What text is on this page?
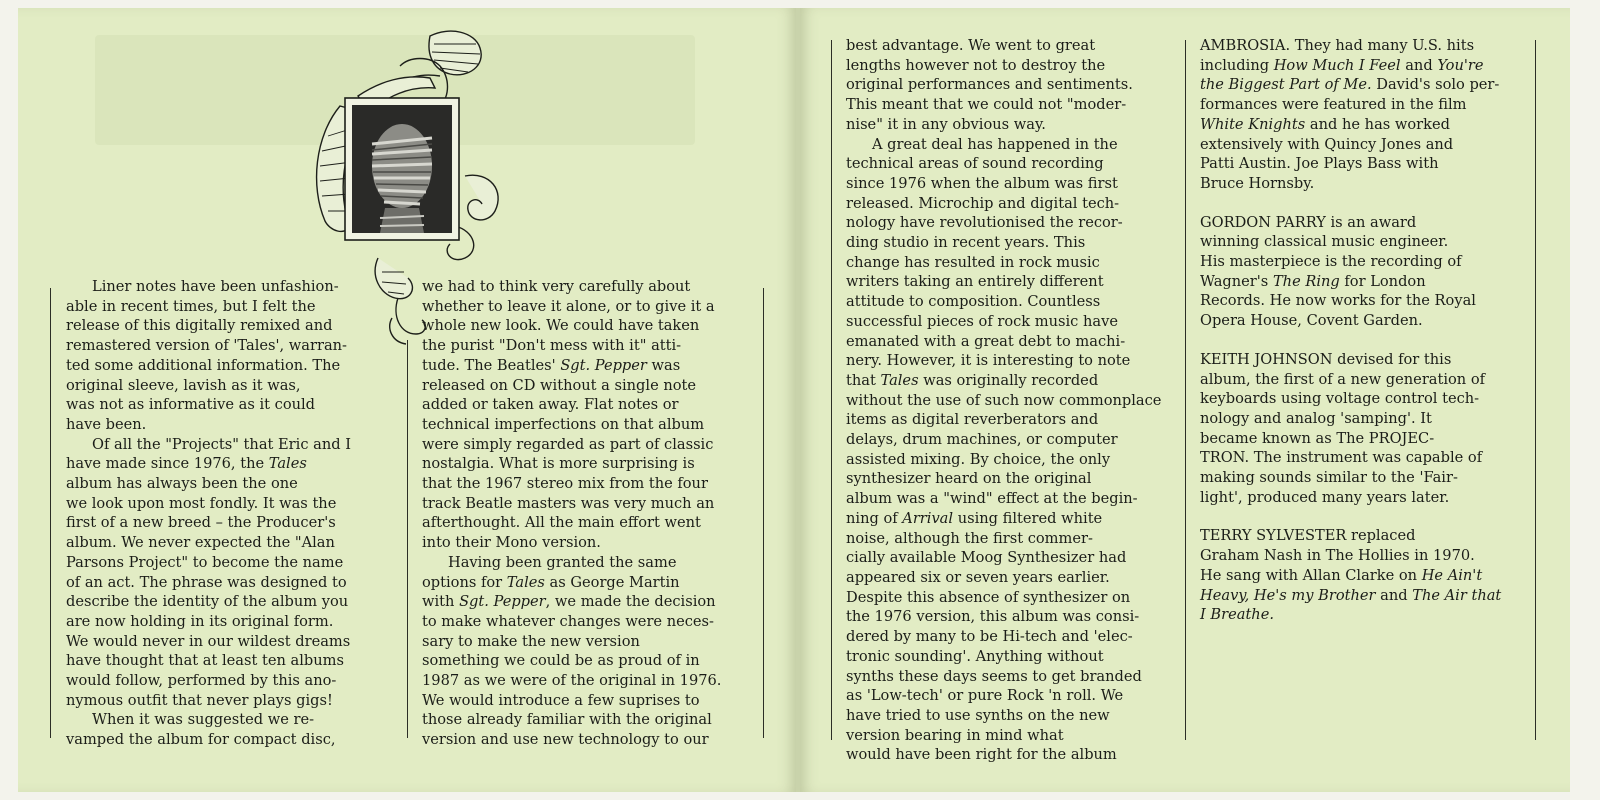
Liner notes have been unfashion-

able in recent times, but I felt the

release of this digitally remixed and

remastered version of 'Tales', warran-

ted some additional information. The

original sleeve, lavish as it was,

was not as informative as it could

have been.

Of all the "Projects" that Eric and I

have made since 1976, the Tales

album has always been the one

we look upon most fondly. It was the

first of a new breed – the Producer's

album. We never expected the "Alan

Parsons Project" to become the name

of an act. The phrase was designed to

describe the identity of the album you

are now holding in its original form.

We would never in our wildest dreams

have thought that at least ten albums

would follow, performed by this ano-

nymous outfit that never plays gigs!

When it was suggested we re-

vamped the album for compact disc,

we had to think very carefully about

whether to leave it alone, or to give it a

whole new look. We could have taken

the purist "Don't mess with it" atti-

tude. The Beatles' Sgt. Pepper was

released on CD without a single note

added or taken away. Flat notes or

technical imperfections on that album

were simply regarded as part of classic

nostalgia. What is more surprising is

that the 1967 stereo mix from the four

track Beatle masters was very much an

afterthought. All the main effort went

into their Mono version.

Having been granted the same

options for Tales as George Martin

with Sgt. Pepper, we made the decision

to make whatever changes were neces-

sary to make the new version

something we could be as proud of in

1987 as we were of the original in 1976.

We would introduce a few suprises to

those already familiar with the original

version and use new technology to our

best advantage. We went to great

lengths however not to destroy the

original performances and sentiments.

This meant that we could not "moder-

nise" it in any obvious way.

A great deal has happened in the

technical areas of sound recording

since 1976 when the album was first

released. Microchip and digital tech-

nology have revolutionised the recor-

ding studio in recent years. This

change has resulted in rock music

writers taking an entirely different

attitude to composition. Countless

successful pieces of rock music have

emanated with a great debt to machi-

nery. However, it is interesting to note

that Tales was originally recorded

without the use of such now commonplace

items as digital reverberators and

delays, drum machines, or computer

assisted mixing. By choice, the only

synthesizer heard on the original

album was a "wind" effect at the begin-

ning of Arrival using filtered white

noise, although the first commer-

cially available Moog Synthesizer had

appeared six or seven years earlier.

Despite this absence of synthesizer on

the 1976 version, this album was consi-

dered by many to be Hi-tech and 'elec-

tronic sounding'. Anything without

synths these days seems to get branded

as 'Low-tech' or pure Rock 'n roll. We

have tried to use synths on the new

version bearing in mind what

would have been right for the album

AMBROSIA. They had many U.S. hits

including How Much I Feel and You're

the Biggest Part of Me. David's solo per-

formances were featured in the film

White Knights and he has worked

extensively with Quincy Jones and

Patti Austin. Joe Plays Bass with

Bruce Hornsby.

GORDON PARRY is an award

winning classical music engineer.

His masterpiece is the recording of

Wagner's The Ring for London

Records. He now works for the Royal

Opera House, Covent Garden.

KEITH JOHNSON devised for this

album, the first of a new generation of

keyboards using voltage control tech-

nology and analog 'samping'. It

became known as The PROJEC-

TRON. The instrument was capable of

making sounds similar to the 'Fair-

light', produced many years later.

TERRY SYLVESTER replaced

Graham Nash in The Hollies in 1970.

He sang with Allan Clarke on He Ain't

Heavy, He's my Brother and The Air that

I Breathe.
